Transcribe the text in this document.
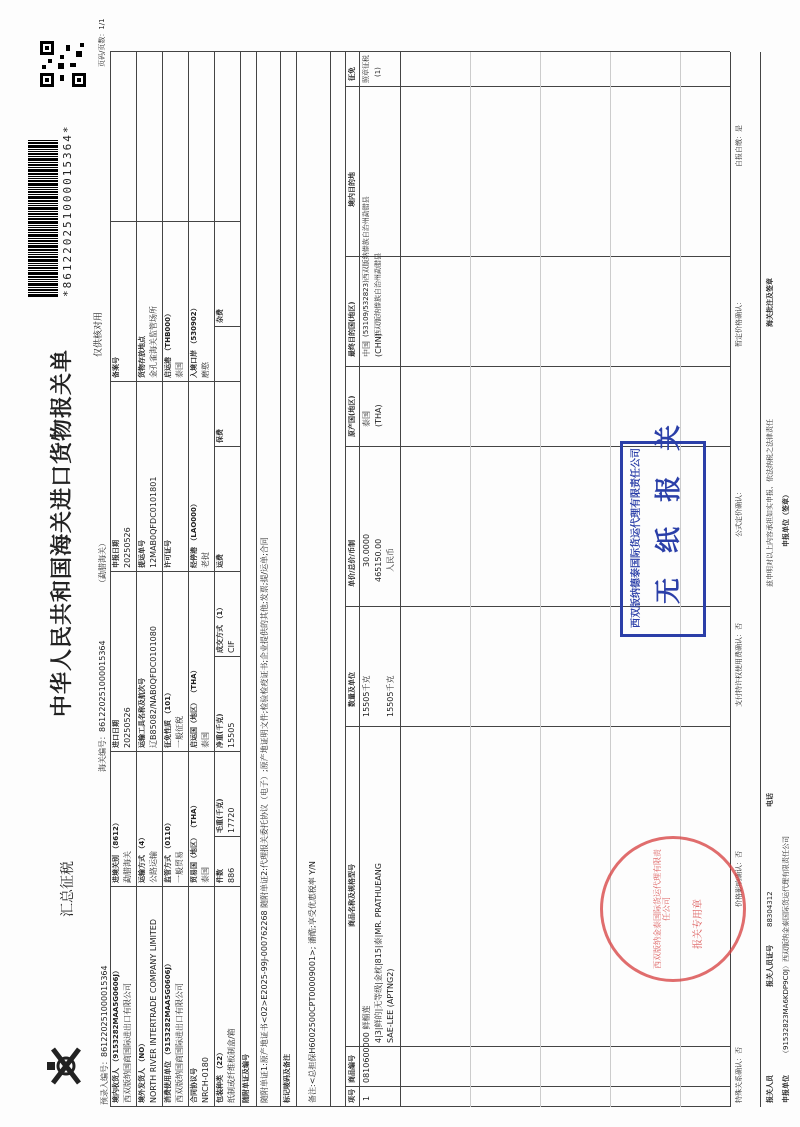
汇总征税
中华人民共和国海关进口货物报关单
*861220251000015364*
预录入编号：861220251000015364
海关编号：861220251000015364
（勐腊海关）
仅供核对用
页码/页数：1/1
境内收货人 （9153282MAA5G0606J） 西双版纳国商国际进出口有限公司
进境关别 （8612） 勐腊海关
进口日期 20250526
申报日期 20250526
备案号
境外发货人 （NO） NORTH RIVER INTERTRADE COMPANY LIMITED
运输方式 （4） 公路运输
运输工具名称及航次号 辽B85082/NAB0QFDC0101080
提运单号 12MAB0QFDC0101801
货物存放地点 金孔雀海关监管场所
消费使用单位 （9153282MAA5G0606J） 西双版纳国商国际进出口有限公司
监管方式 （0110） 一般贸易
征免性质 （101） 一般征税
许可证号
启运港 （THB000） 泰国
合同协议号 NRCH-0180
贸易国（地区） （THA） 泰国
启运国（地区） （THA） 泰国
经停港 （LAO000） 老挝
入境口岸 （530902） 磨憨
包装种类 （22） 纸制或纤维板制盒/箱
件数 886
毛重(千克) 17720
净重(千克) 15505
成交方式 （1） CIF
运费
保费
杂费
随附单证及编号 随附单证1:原产地证书<02>E2025-99J-000762268 随附单证2:代理报关委托协议（电子）;原产地证明文件;检验检疫证书;企业提供的其他;发票;提/运单;合同 标记唛码及备注 备注:<总担保H6002500CPT00009001>; 潘酷;享受优惠税率 Y/N	项号
商品编号
商品名称及规格型号
数量及单位
单价/总价/币制
原产国(地区)
最终目的国(地区)
境内目的地
征免
1
0810600000 鲜榴莲
4|3|鲜的|无等级|金枕|815|泰|MR. PRATHUEANG SAE-LEE (APTNG2)
15505千克 15505千克
30.0000 465150.00 人民币
泰国 (THA)
中国 (CHN)
(53109/532823)西双版纳傣族自治州勐腊县 西双版纳傣族自治州勐腊县
照章征税 (1)
特殊关系确认：否
价格影响确认：否
支付特许权使用费确认：否
公式定价确认：
暂定价格确认：
自报自缴：是
报关人员
报关人员证号
88304312
电话
兹申明对以上内容承担如实申报、依法纳税之法律责任
申报单位
（91532823MA6KDP9C0J）西双版纳金泰国际货运代理有限责任公司
申报单位（签章）
海关批注及签章
西双版纳德泰国际货运代理有限责任公司 无 纸 报 关
西双版纳金泰国际货运代理有限责任公司 报关专用章
